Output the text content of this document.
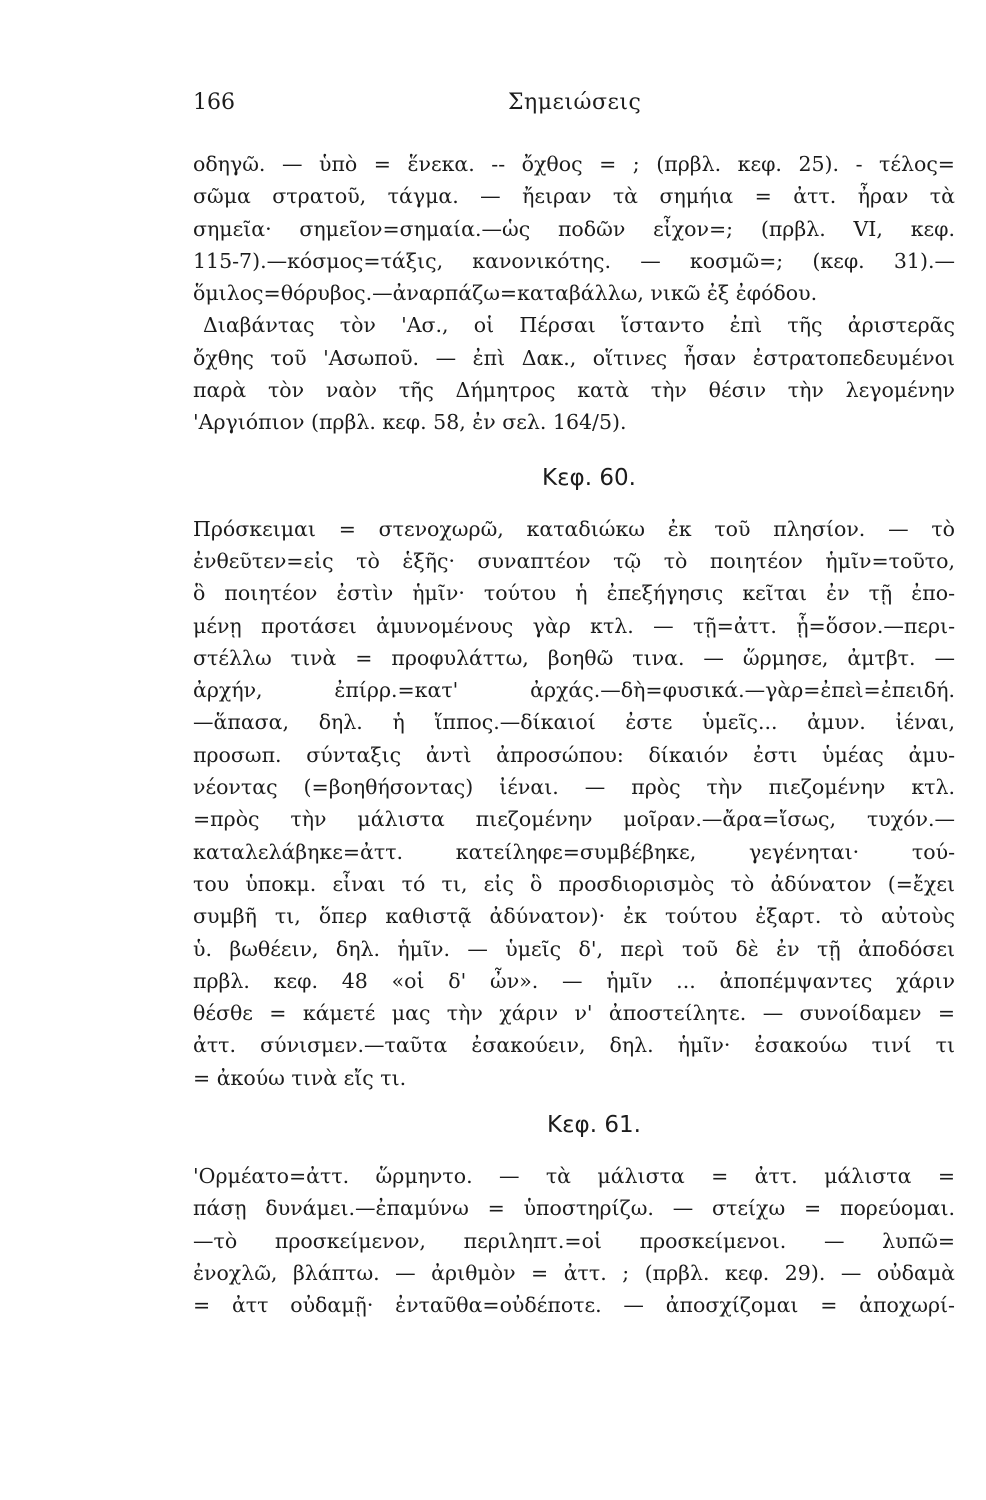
166	Σημειώσεις
οδηγῶ. — ὑπὸ = ἕνεκα. -- ὄχθος = ; (πρβλ. κεφ. 25). - τέλος=
σῶμα στρατοῦ, τάγμα. — ἤειραν τὰ σημήια = ἀττ. ἦραν τὰ
σημεῖα· σημεῖον=σημαία.—ὡς ποδῶν εἶχον=; (πρβλ. VI, κεφ.
115-7).—κόσμος=τάξις, κανονικότης. — κοσμῶ=; (κεφ. 31).—
ὅμιλος=θόρυβος.—ἀναρπάζω=καταβάλλω, νικῶ ἐξ ἐφόδου.
Διαβάντας τὸν 'Ασ., οἱ Πέρσαι ἵσταντο ἐπὶ τῆς ἀριστερᾶς
ὄχθης τοῦ 'Ασωποῦ. — ἐπὶ Δακ., οἵτινες ἦσαν ἐστρατοπεδευμένοι
παρὰ τὸν ναὸν τῆς Δήμητρος κατὰ τὴν θέσιν τὴν λεγομένην
'Αργιόπιον (πρβλ. κεφ. 58, ἐν σελ. 164/5).
Κεφ. 60.
Πρόσκειμαι = στενοχωρῶ, καταδιώκω ἐκ τοῦ πλησίον. — τὸ
ἐνθεῦτεν=εἰς τὸ ἑξῆς· συναπτέον τῷ τὸ ποιητέον ἡμῖν=τοῦτο,
ὃ ποιητέον ἐστὶν ἡμῖν· τούτου ἡ ἐπεξήγησις κεῖται ἐν τῇ ἐπο-
μένῃ προτάσει ἀμυνομένους γὰρ κτλ. — τῇ=ἀττ. ᾗ=ὅσον.—περι-
στέλλω τινὰ = προφυλάττω, βοηθῶ τινα. — ὥρμησε, ἀμτβτ. —
ἀρχήν, ἐπίρρ.=κατ' ἀρχάς.—δὴ=φυσικά.—γὰρ=ἐπεὶ=ἐπειδή.
—ἅπασα, δηλ. ἡ ἵππος.—δίκαιοί ἐστε ὑμεῖς... ἀμυν. ἰέναι,
προσωπ. σύνταξις ἀντὶ ἀπροσώπου: δίκαιόν ἐστι ὑμέας ἀμυ-
νέοντας (=βοηθήσοντας) ἰέναι. — πρὸς τὴν πιεζομένην κτλ.
=πρὸς τὴν μάλιστα πιεζομένην μοῖραν.—ἄρα=ἴσως, τυχόν.—
καταλελάβηκε=ἀττ. κατείληφε=συμβέβηκε, γεγένηται· τού-
του ὑποκμ. εἶναι τό τι, εἰς ὃ προσδιορισμὸς τὸ ἀδύνατον (=ἔχει
συμβῆ τι, ὅπερ καθιστᾷ ἀδύνατον)· ἐκ τούτου ἐξαρτ. τὸ αὐτοὺς
ὑ. βωθέειν, δηλ. ἡμῖν. — ὑμεῖς δ', περὶ τοῦ δὲ ἐν τῇ ἀποδόσει
πρβλ. κεφ. 48 «οἱ δ' ὦν». — ἡμῖν ... ἀποπέμψαντες χάριν
θέσθε = κάμετέ μας τὴν χάριν ν' ἀποστείλητε. — συνοίδαμεν =
ἀττ. σύνισμεν.—ταῦτα ἐσακούειν, δηλ. ἡμῖν· ἐσακούω τινί τι
= ἀκούω τινὰ εἴς τι.
Κεφ. 61.
'Ορμέατο=ἀττ. ὥρμηντο. — τὰ μάλιστα = ἀττ. μάλιστα =
πάσῃ δυνάμει.—ἐπαμύνω = ὑποστηρίζω. — στείχω = πορεύομαι.
—τὸ προσκείμενον, περιληπτ.=οἱ προσκείμενοι. — λυπῶ=
ἐνοχλῶ, βλάπτω. — ἀριθμὸν = ἀττ. ; (πρβλ. κεφ. 29). — οὐδαμὰ
= ἀττ οὐδαμῇ· ἐνταῦθα=οὐδέποτε. — ἀποσχίζομαι = ἀποχωρί-
